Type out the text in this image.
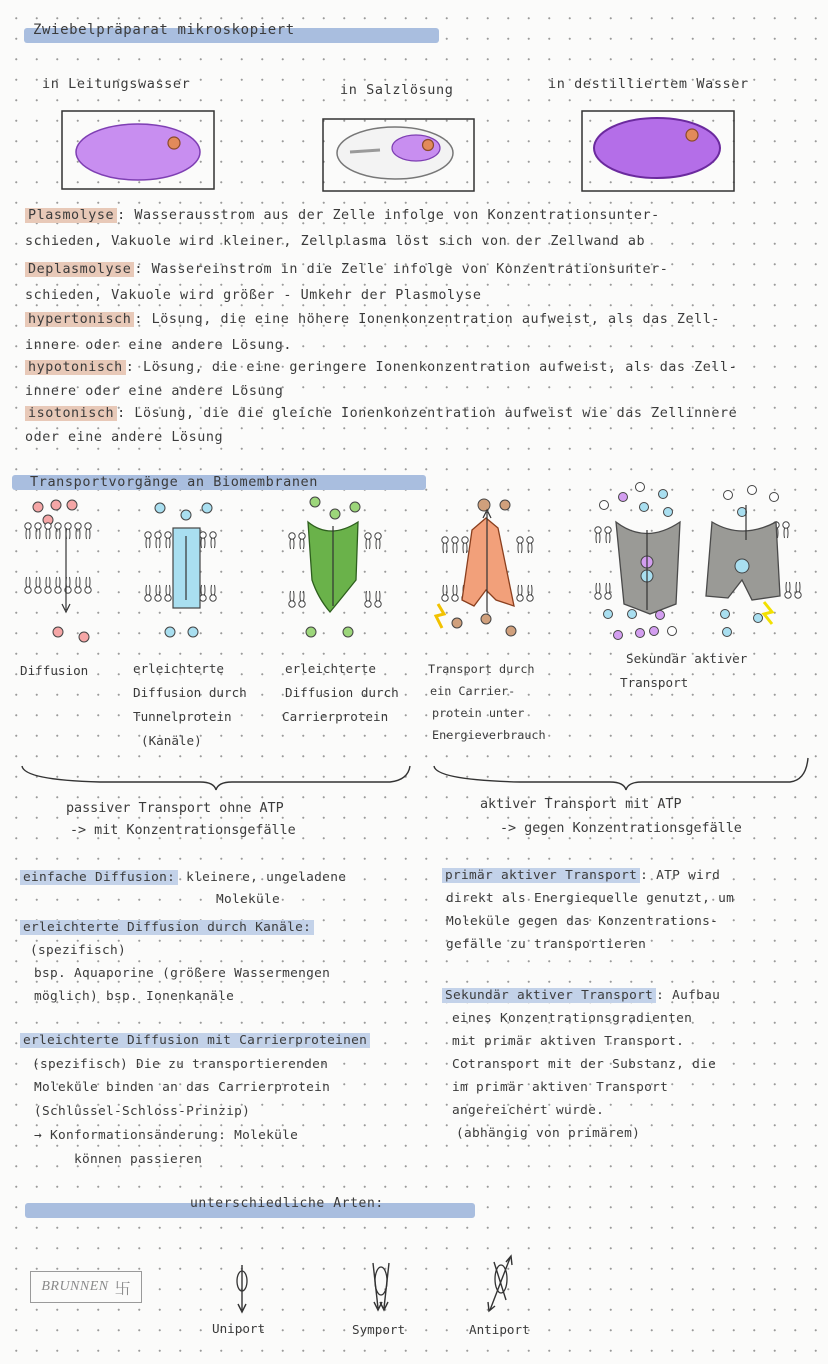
Zwiebelpräparat mikroskopiert
in Leitungswasser	in Salzlösung	in destilliertem Wasser
Plasmolyse : Wasserausstrom aus der Zelle infolge von Konzentrationsunter-
schieden, Vakuole wird kleiner, Zellplasma löst sich von der Zellwand ab
Deplasmolyse : Wassereinstrom in die Zelle infolge von Konzentrationsunter-
schieden, Vakuole wird größer - Umkehr der Plasmolyse
hypertonisch : Lösung, die eine höhere Ionenkonzentration aufweist, als das Zell-
innere oder eine andere Lösung.
hypotonisch : Lösung, die eine geringere Ionenkonzentration aufweist, als das Zell-
innere oder eine andere Lösung
isotonisch : Lösung, die die gleiche Ionenkonzentration aufweist wie das Zellinnere
oder eine andere Lösung
Transportvorgänge an Biomembranen
Diffusion	erleichterte
Diffusion durch
Tunnelprotein
(Kanäle)
erleichterte
Diffusion durch
Carrierprotein
Transport durch
ein Carrier-
protein unter
Energieverbrauch
Sekundär aktiver
Transport
passiver Transport ohne ATP
-> mit Konzentrationsgefälle
aktiver Transport mit ATP
-> gegen Konzentrationsgefälle
einfache Diffusion: kleinere, ungeladene
Moleküle
erleichterte Diffusion durch Kanäle:
(spezifisch)
bsp. Aquaporine (größere Wassermengen
möglich) bsp. Ionenkanäle
erleichterte Diffusion mit Carrierproteinen
(spezifisch) Die zu transportierenden
Moleküle binden an das Carrierprotein
(Schlüssel-Schloss-Prinzip)
→ Konformationsänderung: Moleküle
können passieren
primär aktiver Transport : ATP wird
direkt als Energiequelle genutzt, um
Moleküle gegen das Konzentrations-
gefälle zu transportieren
Sekundär aktiver Transport : Aufbau
eines Konzentrationsgradienten
mit primär aktiven Transport.
Cotransport mit der Substanz, die
im primär aktiven Transport
angereichert wurde.
(abhängig von primärem)
unterschiedliche Arten:
Uniport	Symport	Antiport
BRUNNEN 卐
